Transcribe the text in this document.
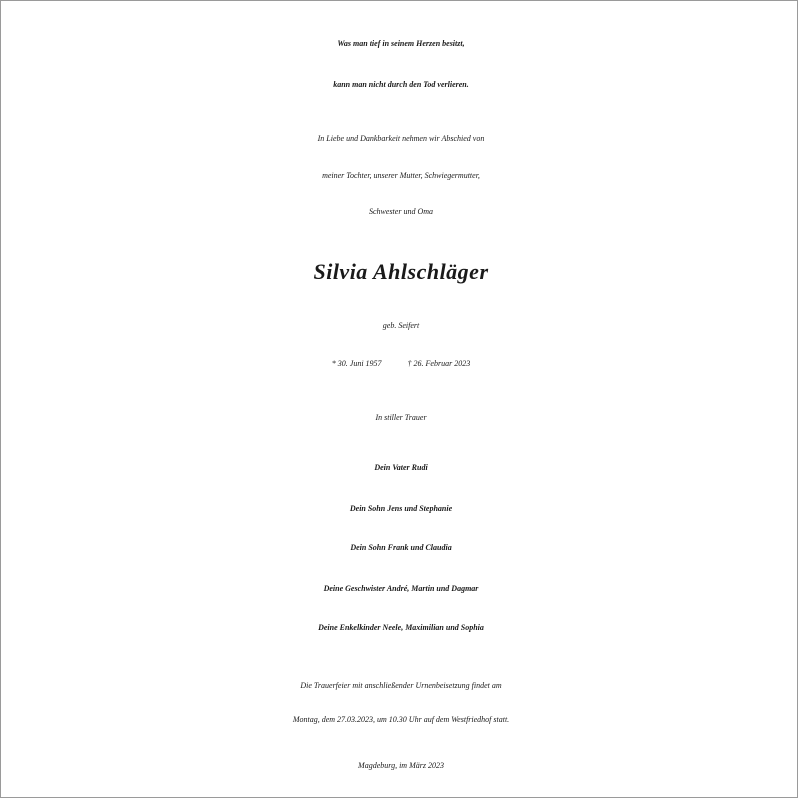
Was man tief in seinem Herzen besitzt,
kann man nicht durch den Tod verlieren.
In Liebe und Dankbarkeit nehmen wir Abschied von
meiner Tochter, unserer Mutter, Schwiegermutter,
Schwester und Oma
Silvia Ahlschläger
geb. Seifert
* 30. Juni 1957	† 26. Februar 2023
In stiller Trauer
Dein Vater Rudi
Dein Sohn Jens und Stephanie
Dein Sohn Frank und Claudia
Deine Geschwister André, Martin und Dagmar
Deine Enkelkinder Neele, Maximilian und Sophia
Die Trauerfeier mit anschließender Urnenbeisetzung findet am
Montag, dem 27.03.2023, um 10.30 Uhr auf dem Westfriedhof statt.
Magdeburg, im März 2023
